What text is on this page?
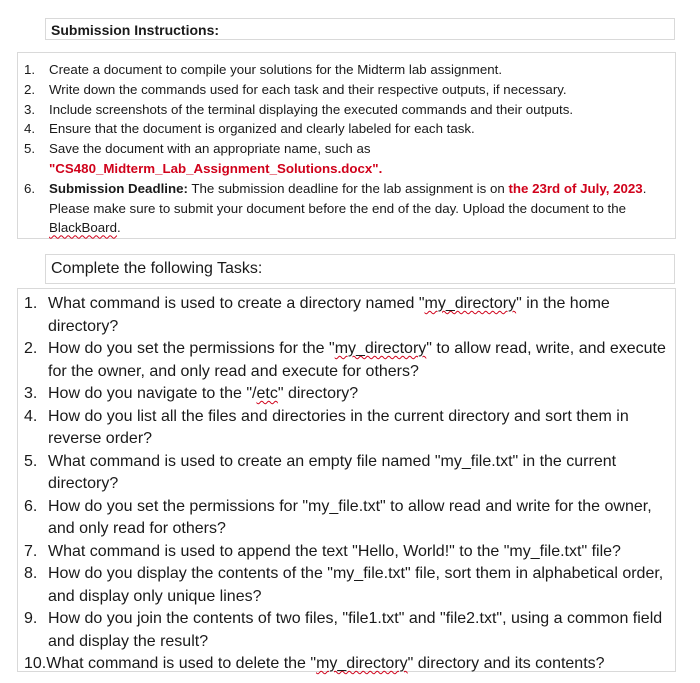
Submission Instructions:
1. Create a document to compile your solutions for the Midterm lab assignment.
2. Write down the commands used for each task and their respective outputs, if necessary.
3. Include screenshots of the terminal displaying the executed commands and their outputs.
4. Ensure that the document is organized and clearly labeled for each task.
5. Save the document with an appropriate name, such as
"CS480_Midterm_Lab_Assignment_Solutions.docx".
6. Submission Deadline: The submission deadline for the lab assignment is on the 23rd of July, 2023. Please make sure to submit your document before the end of the day. Upload the document to the BlackBoard.
Complete the following Tasks:
1. What command is used to create a directory named "my_directory" in the home directory?
2. How do you set the permissions for the "my_directory" to allow read, write, and execute for the owner, and only read and execute for others?
3. How do you navigate to the "/etc" directory?
4. How do you list all the files and directories in the current directory and sort them in reverse order?
5. What command is used to create an empty file named "my_file.txt" in the current directory?
6. How do you set the permissions for "my_file.txt" to allow read and write for the owner, and only read for others?
7. What command is used to append the text "Hello, World!" to the "my_file.txt" file?
8. How do you display the contents of the "my_file.txt" file, sort them in alphabetical order, and display only unique lines?
9. How do you join the contents of two files, "file1.txt" and "file2.txt", using a common field and display the result?
10.What command is used to delete the "my_directory" directory and its contents?
